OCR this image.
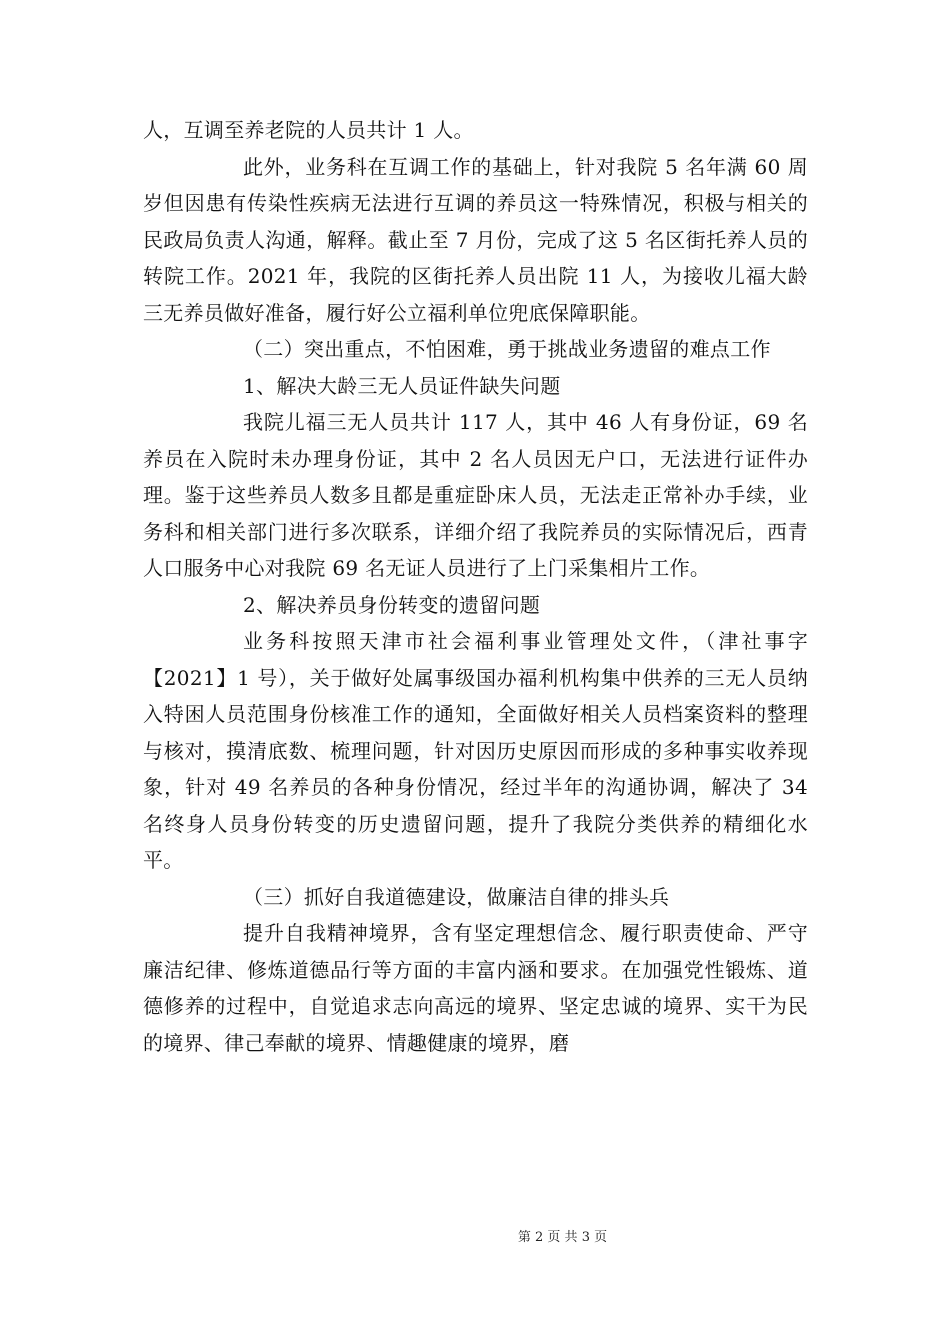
人，互调至养老院的人员共计 1 人。

此外，业务科在互调工作的基础上，针对我院 5 名年满 60 周岁但因患有传染性疾病无法进行互调的养员这一特殊情况，积极与相关的民政局负责人沟通，解释。截止至 7 月份，完成了这 5 名区街托养人员的转院工作。2021 年，我院的区街托养人员出院 11 人，为接收儿福大龄三无养员做好准备，履行好公立福利单位兜底保障职能。

（二）突出重点，不怕困难，勇于挑战业务遗留的难点工作

1、解决大龄三无人员证件缺失问题

我院儿福三无人员共计 117 人，其中 46 人有身份证，69 名养员在入院时未办理身份证，其中 2 名人员因无户口，无法进行证件办理。鉴于这些养员人数多且都是重症卧床人员，无法走正常补办手续，业务科和相关部门进行多次联系，详细介绍了我院养员的实际情况后，西青人口服务中心对我院 69 名无证人员进行了上门采集相片工作。

2、解决养员身份转变的遗留问题

业务科按照天津市社会福利事业管理处文件，（津社事字【2021】1 号），关于做好处属事级国办福利机构集中供养的三无人员纳入特困人员范围身份核准工作的通知，全面做好相关人员档案资料的整理与核对，摸清底数、梳理问题，针对因历史原因而形成的多种事实收养现象，针对 49 名养员的各种身份情况，经过半年的沟通协调，解决了 34 名终身人员身份转变的历史遗留问题，提升了我院分类供养的精细化水平。

（三）抓好自我道德建设，做廉洁自律的排头兵

提升自我精神境界，含有坚定理想信念、履行职责使命、严守廉洁纪律、修炼道德品行等方面的丰富内涵和要求。在加强党性锻炼、道德修养的过程中，自觉追求志向高远的境界、坚定忠诚的境界、实干为民的境界、律己奉献的境界、情趣健康的境界，磨

第 2 页 共 3 页
